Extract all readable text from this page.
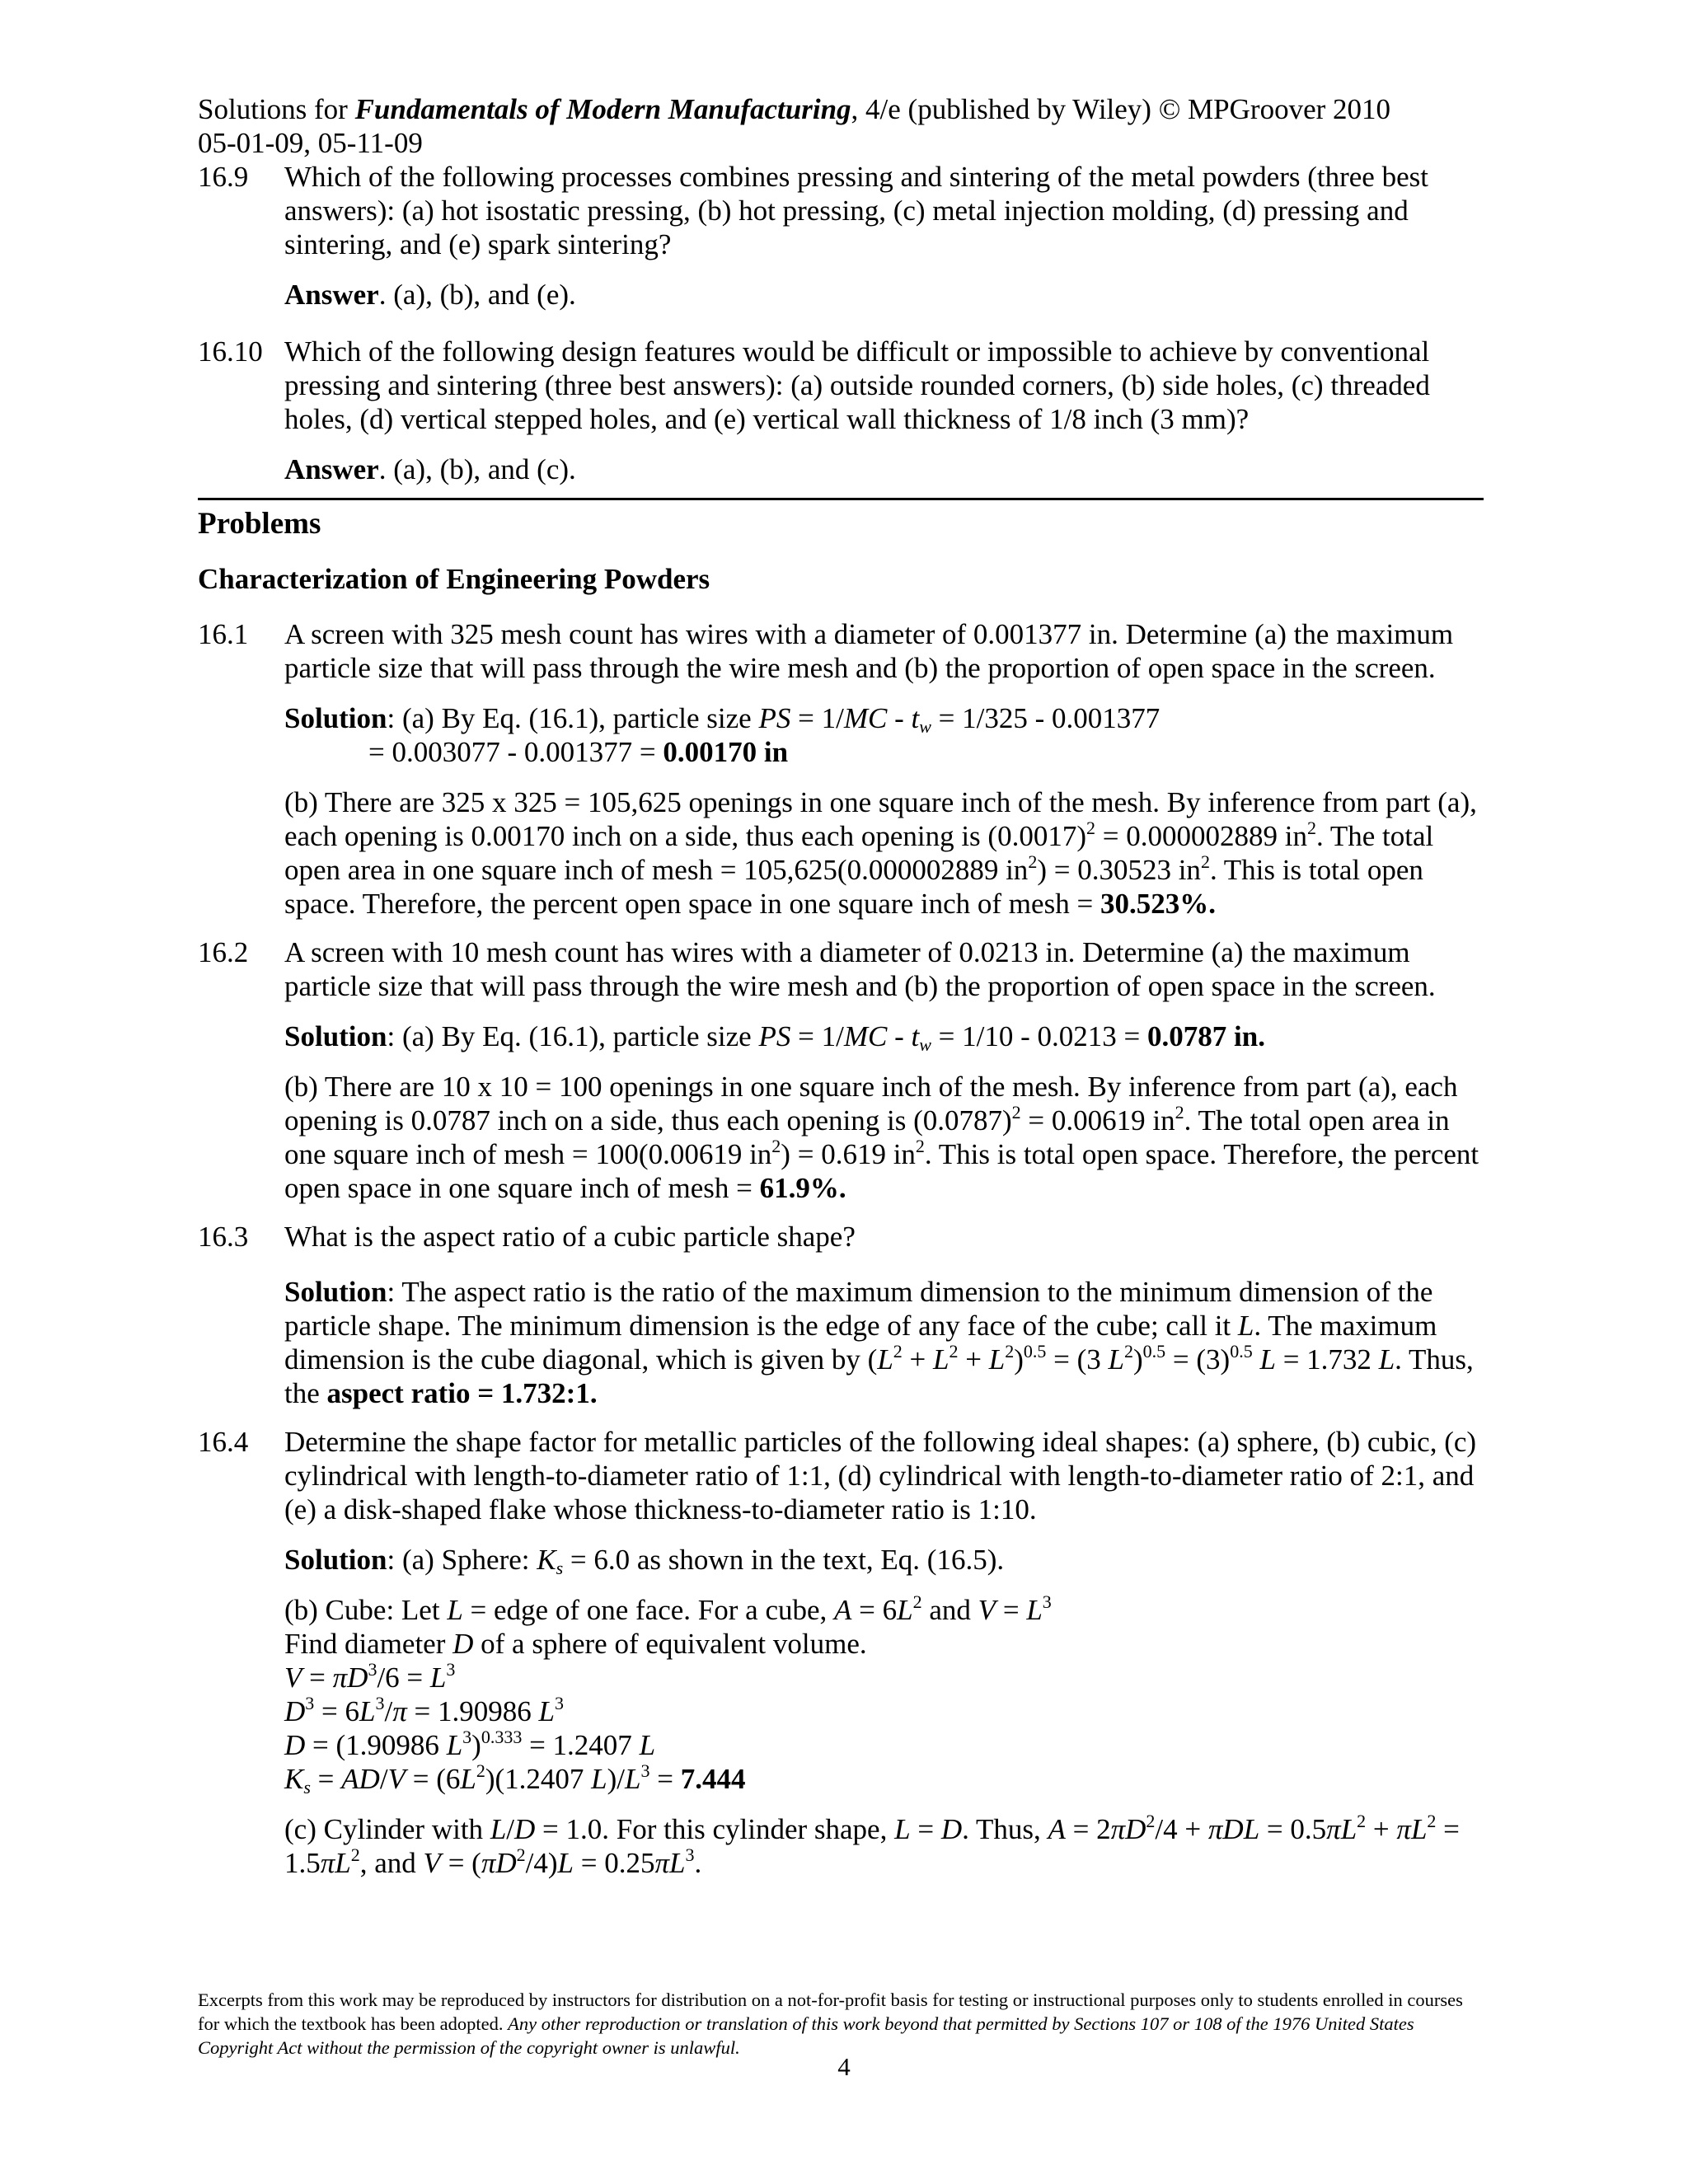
Solutions for Fundamentals of Modern Manufacturing, 4/e (published by Wiley) © MPGroover 2010
05-01-09, 05-11-09
16.9	Which of the following processes combines pressing and sintering of the metal powders (three best answers): (a) hot isostatic pressing, (b) hot pressing, (c) metal injection molding, (d) pressing and sintering, and (e) spark sintering?
Answer. (a), (b), and (e).
16.10 Which of the following design features would be difficult or impossible to achieve by conventional pressing and sintering (three best answers): (a) outside rounded corners, (b) side holes, (c) threaded holes, (d) vertical stepped holes, and (e) vertical wall thickness of 1/8 inch (3 mm)?
Answer. (a), (b), and (c).
Problems
Characterization of Engineering Powders
16.1	A screen with 325 mesh count has wires with a diameter of 0.001377 in. Determine (a) the maximum particle size that will pass through the wire mesh and (b) the proportion of open space in the screen.
Solution: (a) By Eq. (16.1), particle size PS = $1/MC - t_w = 1/325 - 0.001377$
= 0.003077 - 0.001377 = 0.00170 in
(b) There are 325 x 325 = 105,625 openings in one square inch of the mesh. By inference from part (a), each opening is 0.00170 inch on a side, thus each opening is $(0.0017)^2 = 0.000002889$ $in^2$. The total open area in one square inch of mesh = 105,625(0.000002889 $in^2) = 0.30523$ $in^2$. This is total open space. Therefore, the percent open space in one square inch of mesh = 30.523%.
16.2	A screen with 10 mesh count has wires with a diameter of 0.0213 in. Determine (a) the maximum particle size that will pass through the wire mesh and (b) the proportion of open space in the screen.
Solution: (a) By Eq. (16.1), particle size PS = $1/MC - t_w = 1/10 - 0.0213 = 0.0787$ in.
(b) There are 10 x 10 = 100 openings in one square inch of the mesh. By inference from part (a), each opening is 0.0787 inch on a side, thus each opening is $(0.0787)^2 = 0.00619$ $in^2$. The total open area in one square inch of mesh = 100(0.00619 $in^2) = 0.619$ $in^2$. This is total open space. Therefore, the percent open space in one square inch of mesh = 61.9%.
16.3	What is the aspect ratio of a cubic particle shape?
Solution: The aspect ratio is the ratio of the maximum dimension to the minimum dimension of the particle shape. The minimum dimension is the edge of any face of the cube; call it L. The maximum dimension is the cube diagonal, which is given by $(L^2 + L^2 + L^2)^{0.5} = (3$ $L^2)^{0.5} = (3)^{0.5}$ L = 1.732 L. Thus, the aspect ratio = 1.732:1.
16.4	Determine the shape factor for metallic particles of the following ideal shapes: (a) sphere, (b) cubic, (c) cylindrical with length-to-diameter ratio of 1:1, (d) cylindrical with length-to-diameter ratio of 2:1, and (e) a disk-shaped flake whose thickness-to-diameter ratio is 1:10.
Solution: (a) Sphere: $K_s = 6.0$ as shown in the text, Eq. (16.5).
(b) Cube: Let L = edge of one face. For a cube, $A = 6L^2$ and $V = L^3$
Find diameter D of a sphere of equivalent volume.
$V = \pi D^3/6 = L^3$
$D^3 = 6L^3/\pi = 1.90986$ $L^3$
D = (1.90986 $L^3)^{0.333} = 1.2407$ L
$K_s = AD/V = (6L^2)(1.2407$ $L)/L^3 = 7.444$
(c) Cylinder with L/D = 1.0. For this cylinder shape, L = D. Thus, $A = 2\pi D^2/4 + \pi DL = 0.5\pi L^2 + \pi L^2 = 1.5\pi L^2$, and $V = (\pi D^2/4)L = 0.25\pi L^3$.
Excerpts from this work may be reproduced by instructors for distribution on a not-for-profit basis for testing or instructional purposes only to students enrolled in courses for which the textbook has been adopted. Any other reproduction or translation of this work beyond that permitted by Sections 107 or 108 of the 1976 United States Copyright Act without the permission of the copyright owner is unlawful.
4
